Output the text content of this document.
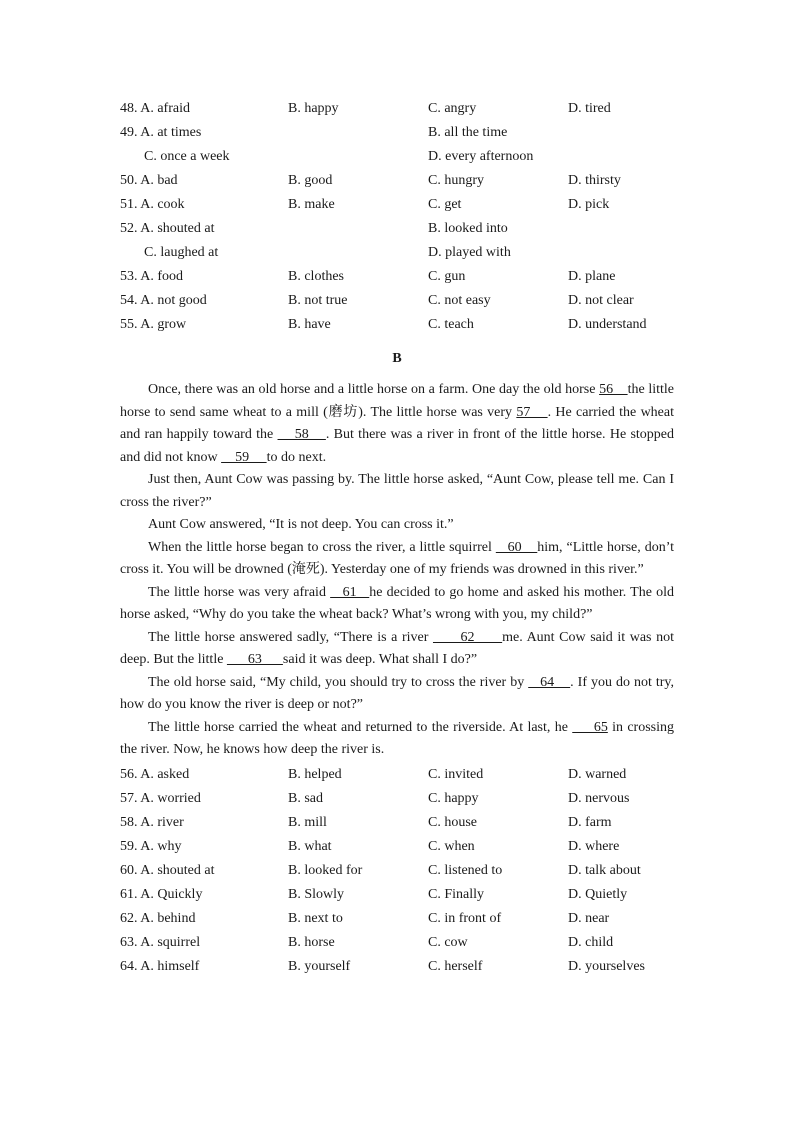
48. A. afraid	B. happy	C. angry	D. tired
49. A. at times	B. all the time
C. once a week	D. every afternoon
50. A. bad	B. good	C. hungry	D. thirsty
51. A. cook	B. make	C. get	D. pick
52. A. shouted at	B. looked into
C. laughed at	D. played with
53. A. food	B. clothes	C. gun	D. plane
54. A. not good	B. not true	C. not easy	D. not clear
55. A. grow	B. have	C. teach	D. understand
B

Once, there was an old horse and a little horse on a farm. One day the old horse 56    the little horse to send same wheat to a mill (磨坊). The little horse was very 57    . He carried the wheat and ran happily toward the     58    . But there was a river in front of the little horse. He stopped and did not know     59     to do next.

Just then, Aunt Cow was passing by. The little horse asked, “Aunt Cow, please tell me. Can I cross the river?”

Aunt Cow answered, “It is not deep. You can cross it.”

When the little horse began to cross the river, a little squirrel    60    him, “Little horse, don’t cross it. You will be drowned (淹死). Yesterday one of my friends was drowned in this river.”

The little horse was very afraid    61   he decided to go home and asked his mother. The old horse asked, “Why do you take the wheat back? What’s wrong with you, my child?”

The little horse answered sadly, “There is a river       62      me. Aunt Cow said it was not deep. But the little       63      said it was deep. What shall I do?”

The old horse said, “My child, you should try to cross the river by    64    . If you do not try, how do you know the river is deep or not?”

The little horse carried the wheat and returned to the riverside. At last, he      65 in crossing the river. Now, he knows how deep the river is.

56. A. asked	B. helped	C. invited	D. warned
57. A. worried	B. sad	C. happy	D. nervous
58. A. river	B. mill	C. house	D. farm
59. A. why	B. what	C. when	D. where
60. A. shouted at	B. looked for	C. listened to	D. talk about
61. A. Quickly	B. Slowly	C. Finally	D. Quietly
62. A. behind	B. next to	C. in front of	D. near
63. A. squirrel	B. horse	C. cow	D. child
64. A. himself	B. yourself	C. herself	D. yourselves
